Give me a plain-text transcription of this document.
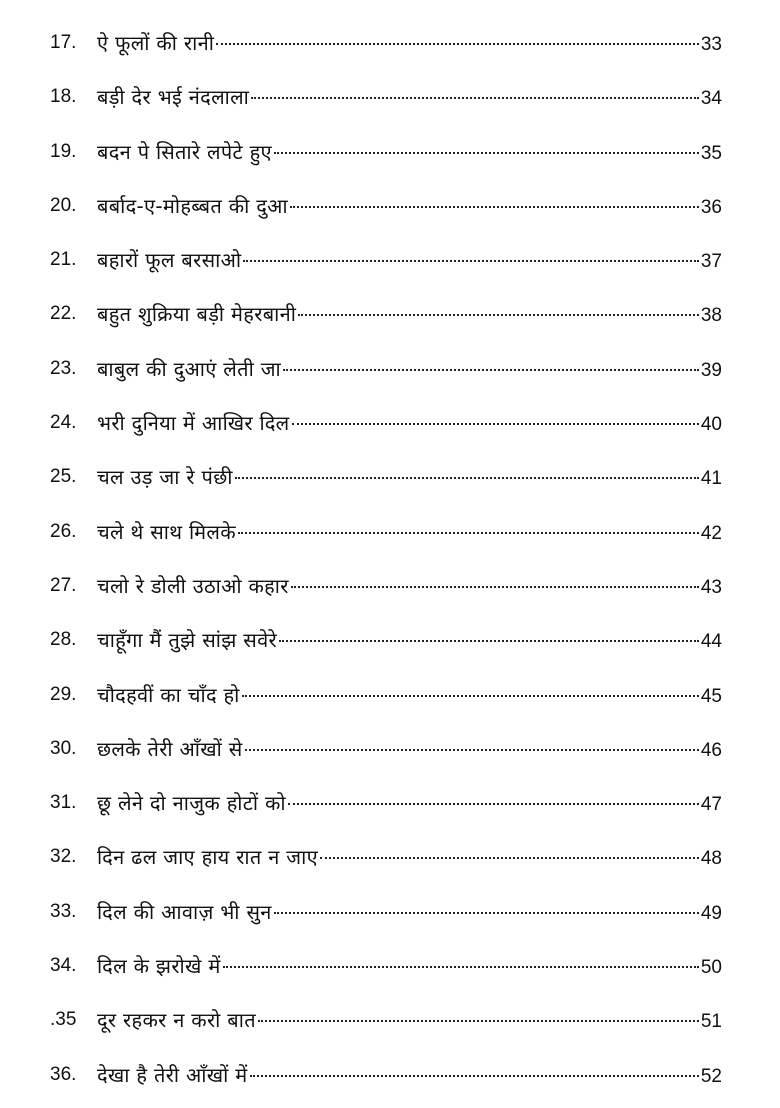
17. ऐ फूलों की रानी	33
18. बड़ी देर भई नंदलाला	34
19. बदन पे सितारे लपेटे हुए	35
20. बर्बाद-ए-मोहब्बत की दुआ	36
21. बहारों फूल बरसाओ	37
22. बहुत शुक्रिया बड़ी मेहरबानी	38
23. बाबुल की दुआएं लेती जा	39
24. भरी दुनिया में आखिर दिल	40
25. चल उड़ जा रे पंछी	41
26. चले थे साथ मिलके	42
27. चलो रे डोली उठाओ कहार	43
28. चाहूँगा मैं तुझे सांझ सवेरे	44
29. चौदहवीं का चाँद हो	45
30. छलके तेरी आँखों से	46
31. छू लेने दो नाजुक होटों को	47
32. दिन ढल जाए हाय रात न जाए	48
33. दिल की आवाज़ भी सुन	49
34. दिल के झरोखे में	50
.35 दूर रहकर न करो बात	51
36. देखा है तेरी आँखों में	52
